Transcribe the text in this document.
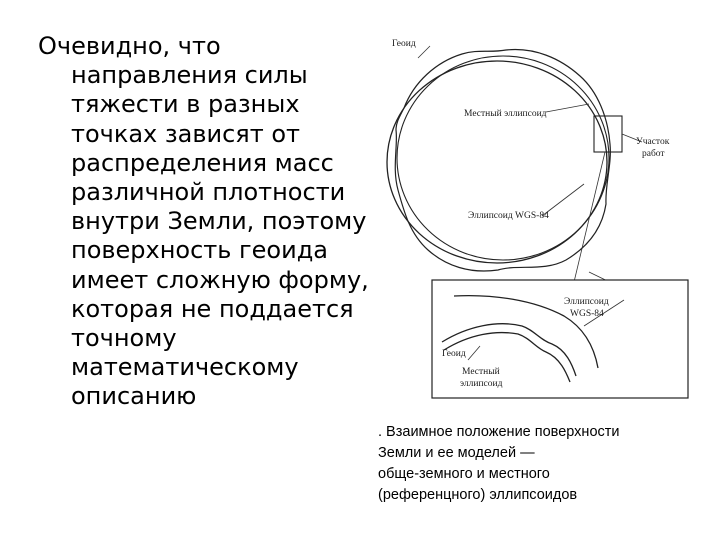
Очевидно, что
направления силы
тяжести в разных
точках зависят от
распределения масс
различной плотности
внутри Земли, поэтому
поверхность геоида
имеет сложную форму,
которая не поддается
точному
математическому
описанию
Геоид
Местный эллипсоид
Участок
работ
Эллипсоид WGS-84
Эллипсоид
WGS-84
Геоид
Местный
эллипсоид
. Взаимное положение поверхности
Земли и ее моделей —
обще-земного и местного
(референцного) эллипсоидов
